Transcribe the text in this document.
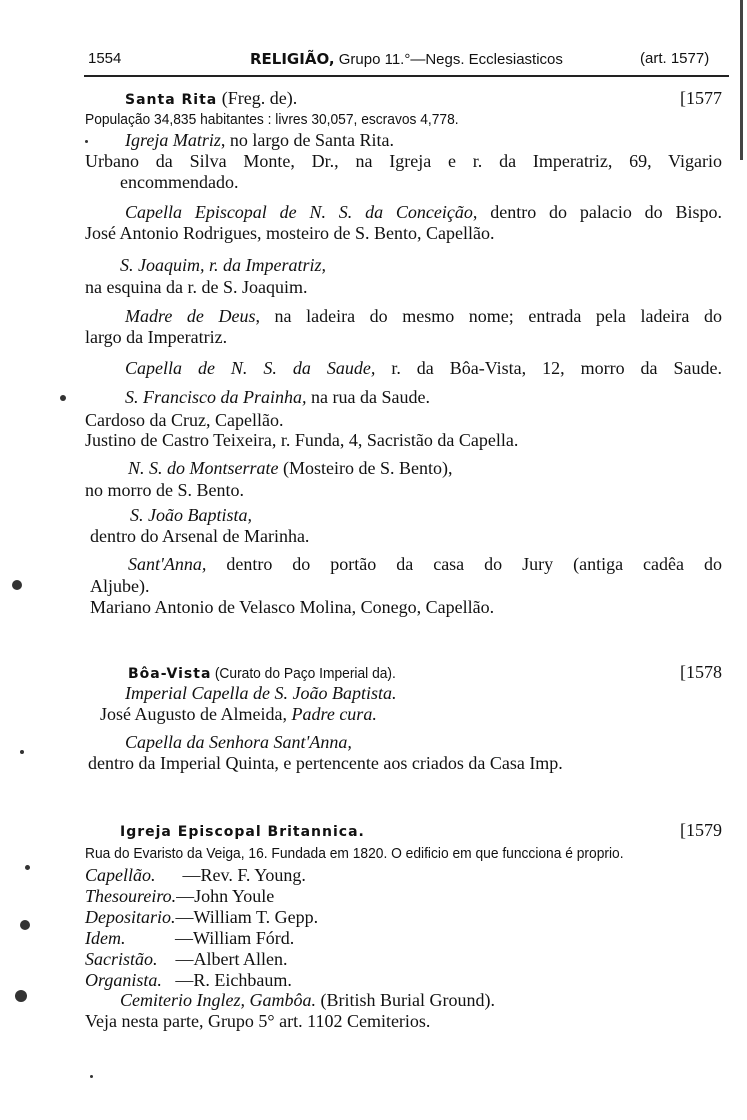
1554	RELIGIÃO, Grupo 11.°—Negs. Ecclesiasticos	(art. 1577)
Santa Rita (Freg. de).	[1577
População 34,835 habitantes : livres 30,057, escravos 4,778.
Igreja Matriz, no largo de Santa Rita.
Urbano da Silva Monte, Dr., na Igreja e r. da Imperatriz, 69, Vigario
encommendado.
Capella Episcopal de N. S. da Conceição, dentro do palacio do Bispo.
José Antonio Rodrigues, mosteiro de S. Bento, Capellão.
S. Joaquim, r. da Imperatriz,
na esquina da r. de S. Joaquim.
Madre de Deus, na ladeira do mesmo nome; entrada pela ladeira do
largo da Imperatriz.
Capella de N. S. da Saude, r. da Bôa-Vista, 12, morro da Saude.
S. Francisco da Prainha, na rua da Saude.
Cardoso da Cruz, Capellão.
Justino de Castro Teixeira, r. Funda, 4, Sacristão da Capella.
N. S. do Montserrate (Mosteiro de S. Bento),
no morro de S. Bento.
S. João Baptista,
dentro do Arsenal de Marinha.
Sant'Anna, dentro do portão da casa do Jury (antiga cadêa do
Aljube).
Mariano Antonio de Velasco Molina, Conego, Capellão.
Bôa-Vista (Curato do Paço Imperial da).	[1578
Imperial Capella de S. João Baptista.
José Augusto de Almeida, Padre cura.
Capella da Senhora Sant'Anna,
dentro da Imperial Quinta, e pertencente aos criados da Casa Imp.
Igreja Episcopal Britannica.	[1579
Rua do Evaristo da Veiga, 16. Fundada em 1820. O edificio em que funcciona é proprio.
Capellão.      —Rev. F. Young.
Thesoureiro.—John Youle
Depositario.—William T. Gepp.
Idem.           —William Fórd.
Sacristão.    —Albert Allen.
Organista.   —R. Eichbaum.
Cemiterio Inglez, Gambôa. (British Burial Ground).
Veja nesta parte, Grupo 5° art. 1102 Cemiterios.
